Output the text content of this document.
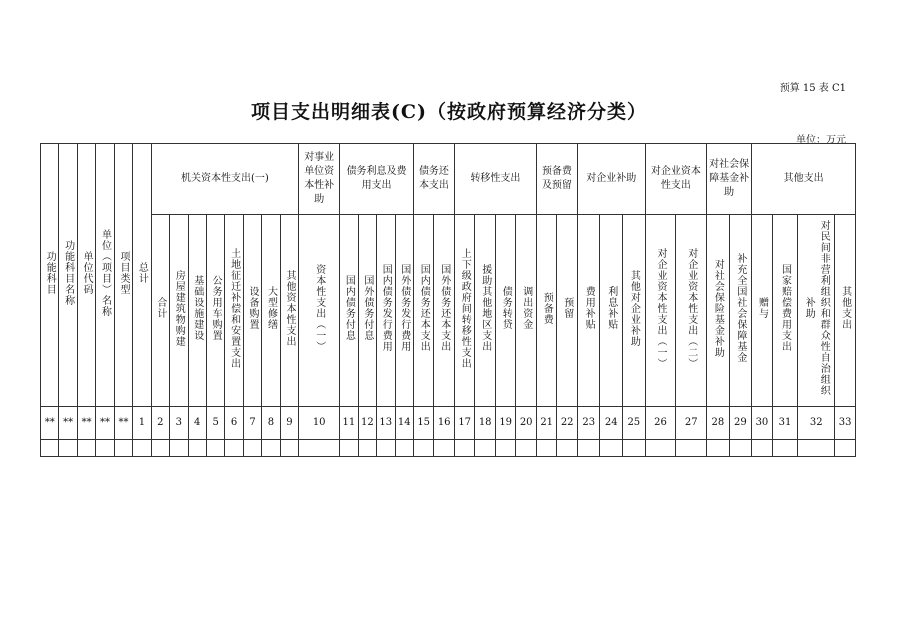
预算 15 表 C1
项目支出明细表(C)（按政府预算经济分类）
单位：万元
功能科目	功能科目名称	单位代码	单位（项目）名称	项目类型	总计	机关资本性支出(一)								对事业单位资本性补助	债务利息及费用支出				债务还本支出		转移性支出				预备费及预留		对企业补助			对企业资本性支出		对社会保障基金补助		其他支出			
						合计	房屋建筑物购建	基础设施建设	公务用车购置	土地征迁补偿和安置支出	设备购置	大型修缮	其他资本性支出	资本性支出（一）	国内债务付息	国外债务付息	国内债务发行费用	国外债务发行费用	国内债务还本支出	国外债务还本支出	上下级政府间转移性支出	援助其他地区支出	债务转贷	调出资金	预备费	预留	费用补贴	利息补贴	其他对企业补助	对企业资本性支出（一）	对企业资本性支出（二）	对社会保险基金补助	补充全国社会保障基金	赠与	国家赔偿费用支出	对民间非营利组织和群众性自治组织补助	其他支出
**	**	**	**	**	1	2	3	4	5	6	7	8	9	10	11	12	13	14	15	16	17	18	19	20	21	22	23	24	25	26	27	28	29	30	31	32	33
